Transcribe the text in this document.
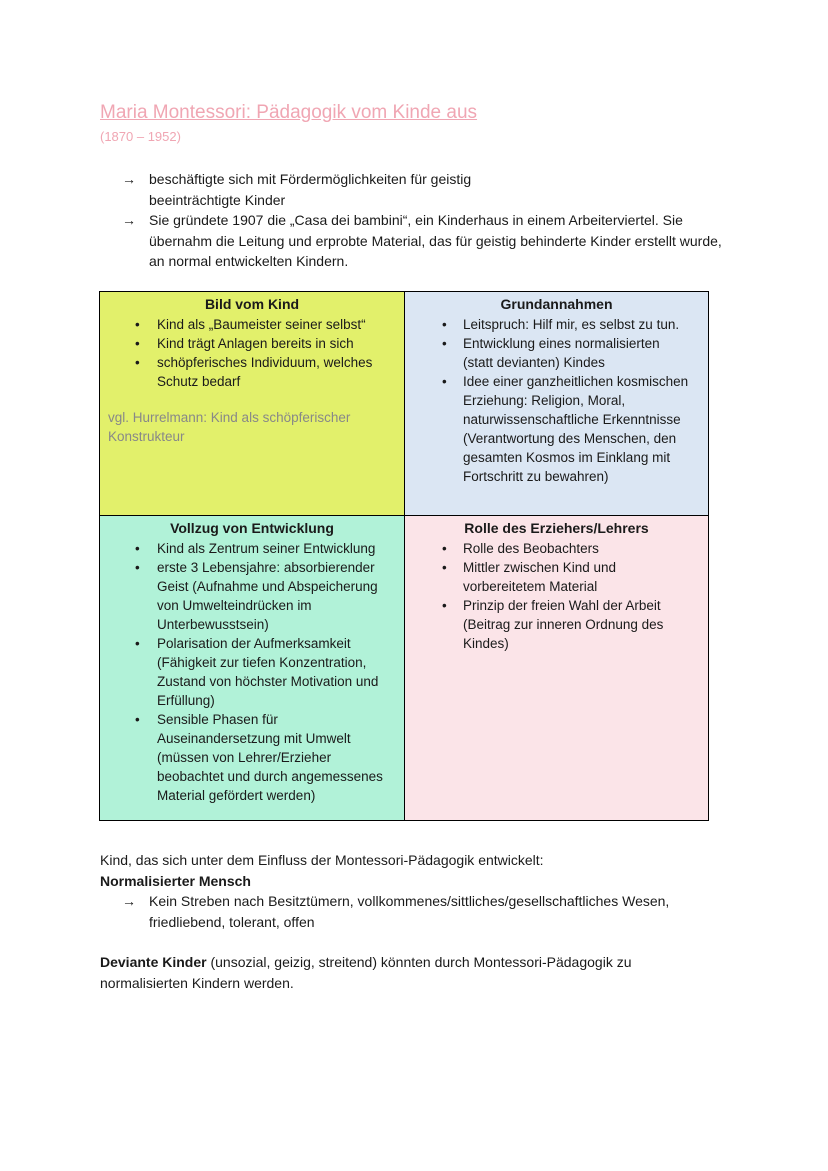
Maria Montessori: Pädagogik vom Kinde aus
(1870 – 1952)

→ beschäftigte sich mit Fördermöglichkeiten für geistig beeinträchtigte Kinder

→ Sie gründete 1907 die „Casa dei bambini“, ein Kinderhaus in einem Arbeiterviertel. Sie übernahm die Leitung und erprobte Material, das für geistig behinderte Kinder erstellt wurde, an normal entwickelten Kindern.

Bild vom Kind
• Kind als „Baumeister seiner selbst“
• Kind trägt Anlagen bereits in sich
• schöpferisches Individuum, welches Schutz bedarf
vgl. Hurrelmann: Kind als schöpferischer Konstrukteur
Grundannahmen
• Leitspruch: Hilf mir, es selbst zu tun.
• Entwicklung eines normalisierten (statt devianten) Kindes
• Idee einer ganzheitlichen kosmischen Erziehung: Religion, Moral, naturwissenschaftliche Erkenntnisse (Verantwortung des Menschen, den gesamten Kosmos im Einklang mit Fortschritt zu bewahren)
Vollzug von Entwicklung
• Kind als Zentrum seiner Entwicklung
• erste 3 Lebensjahre: absorbierender Geist (Aufnahme und Abspeicherung von Umwelteindrücken im Unterbewusstsein)
• Polarisation der Aufmerksamkeit (Fähigkeit zur tiefen Konzentration, Zustand von höchster Motivation und Erfüllung)
• Sensible Phasen für Auseinandersetzung mit Umwelt (müssen von Lehrer/Erzieher beobachtet und durch angemessenes Material gefördert werden)
Rolle des Erziehers/Lehrers
• Rolle des Beobachters
• Mittler zwischen Kind und vorbereitetem Material
• Prinzip der freien Wahl der Arbeit (Beitrag zur inneren Ordnung des Kindes)

Kind, das sich unter dem Einfluss der Montessori-Pädagogik entwickelt:

Normalisierter Mensch

→ Kein Streben nach Besitztümern, vollkommenes/sittliches/gesellschaftliches Wesen, friedliebend, tolerant, offen

Deviante Kinder (unsozial, geizig, streitend) könnten durch Montessori-Pädagogik zu normalisierten Kindern werden.
